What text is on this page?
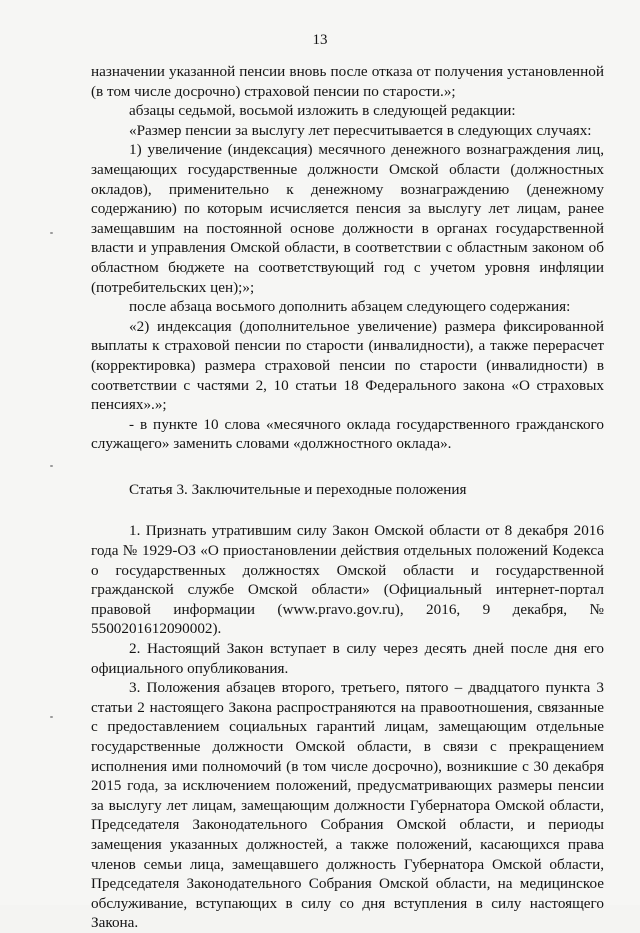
13

назначении указанной пенсии вновь после отказа от получения установленной (в том числе досрочно) страховой пенсии по старости.»;

абзацы седьмой, восьмой изложить в следующей редакции:

«Размер пенсии за выслугу лет пересчитывается в следующих случаях:

1) увеличение (индексация) месячного денежного вознаграждения лиц, замещающих государственные должности Омской области (должностных окладов), применительно к денежному вознаграждению (денежному содержанию) по которым исчисляется пенсия за выслугу лет лицам, ранее замещавшим на постоянной основе должности в органах государственной власти и управления Омской области, в соответствии с областным законом об областном бюджете на соответствующий год с учетом уровня инфляции (потребительских цен);»;

после абзаца восьмого дополнить абзацем следующего содержания:

«2) индексация (дополнительное увеличение) размера фиксированной выплаты к страховой пенсии по старости (инвалидности), а также перерасчет (корректировка) размера страховой пенсии по старости (инвалидности) в соответствии с частями 2, 10 статьи 18 Федерального закона «О страховых пенсиях».»;

- в пункте 10 слова «месячного оклада государственного гражданского служащего» заменить словами «должностного оклада».

Статья 3. Заключительные и переходные положения

1. Признать утратившим силу Закон Омской области от 8 декабря 2016 года № 1929-ОЗ «О приостановлении действия отдельных положений Кодекса о государственных должностях Омской области и государственной гражданской службе Омской области» (Официальный интернет-портал правовой информации (www.pravo.gov.ru), 2016, 9 декабря, № 5500201612090002).

2. Настоящий Закон вступает в силу через десять дней после дня его официального опубликования.

3. Положения абзацев второго, третьего, пятого – двадцатого пункта 3 статьи 2 настоящего Закона распространяются на правоотношения, связанные с предоставлением социальных гарантий лицам, замещающим отдельные государственные должности Омской области, в связи с прекращением исполнения ими полномочий (в том числе досрочно), возникшие с 30 декабря 2015 года, за исключением положений, предусматривающих размеры пенсии за выслугу лет лицам, замещающим должности Губернатора Омской области, Председателя Законодательного Собрания Омской области, и периоды замещения указанных должностей, а также положений, касающихся права членов семьи лица, замещавшего должность Губернатора Омской области, Председателя Законодательного Собрания Омской области, на медицинское обслуживание, вступающих в силу со дня вступления в силу настоящего Закона.
